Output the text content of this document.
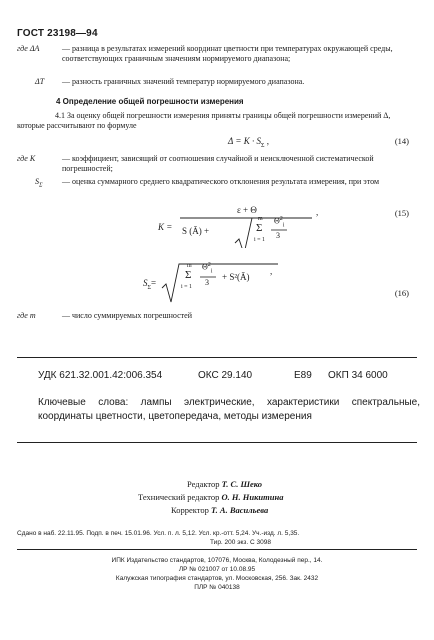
ГОСТ 23198—94
где ΔA	— разница в результатах измерений координат цветности при температурах окружающей среды, соответствующих граничным значениям нормируемого диапазона;
ΔT	— разность граничных значений температур нормируемого диапазона.
4 Определение общей погрешности измерения
4.1 За оценку общей погрешности измерения приняты границы общей погрешности измерений Δ, которые рассчитывают по формуле
$\Delta = K \cdot S_\Sigma$ ,	(14)
где K	— коэффициент, зависящий от соотношения случайной и неисключенной систематической погрешностей;
$S_\Sigma$	— оценка суммарного среднего квадратического отклонения результата измерения, при этом
K =
ε + Θ
S (Ā) +
m
Σ
i = 1
$\Theta^2_i$
3
,	(15)
$S_\Sigma=$
m
Σ
i = 1
$\Theta^2_i$
3
+ S²(Ā)
,
(16)
где m	— число суммируемых погрешностей
УДК 621.32.001.42:006.354	ОКС 29.140	Е89 ОКП 34 6000
Ключевые слова: лампы электрические, характеристики спектральные, координаты цветности, цветопередача, методы измерения
Редактор Т. С. Шеко
Технический редактор О. Н. Никитина
Корректор Т. А. Васильева
Сдано в наб. 22.11.95. Подп. в печ. 15.01.96. Усл. п. л. 5,12. Усл. кр.-отт. 5,24. Уч.-изд. л. 5,35.
Тир. 200 экз. С 3098
ИПК Издательство стандартов, 107076, Москва, Колодезный пер., 14.
ЛР № 021007 от 10.08.95
Калужская типография стандартов, ул. Московская, 256. Зак. 2432
ПЛР № 040138
